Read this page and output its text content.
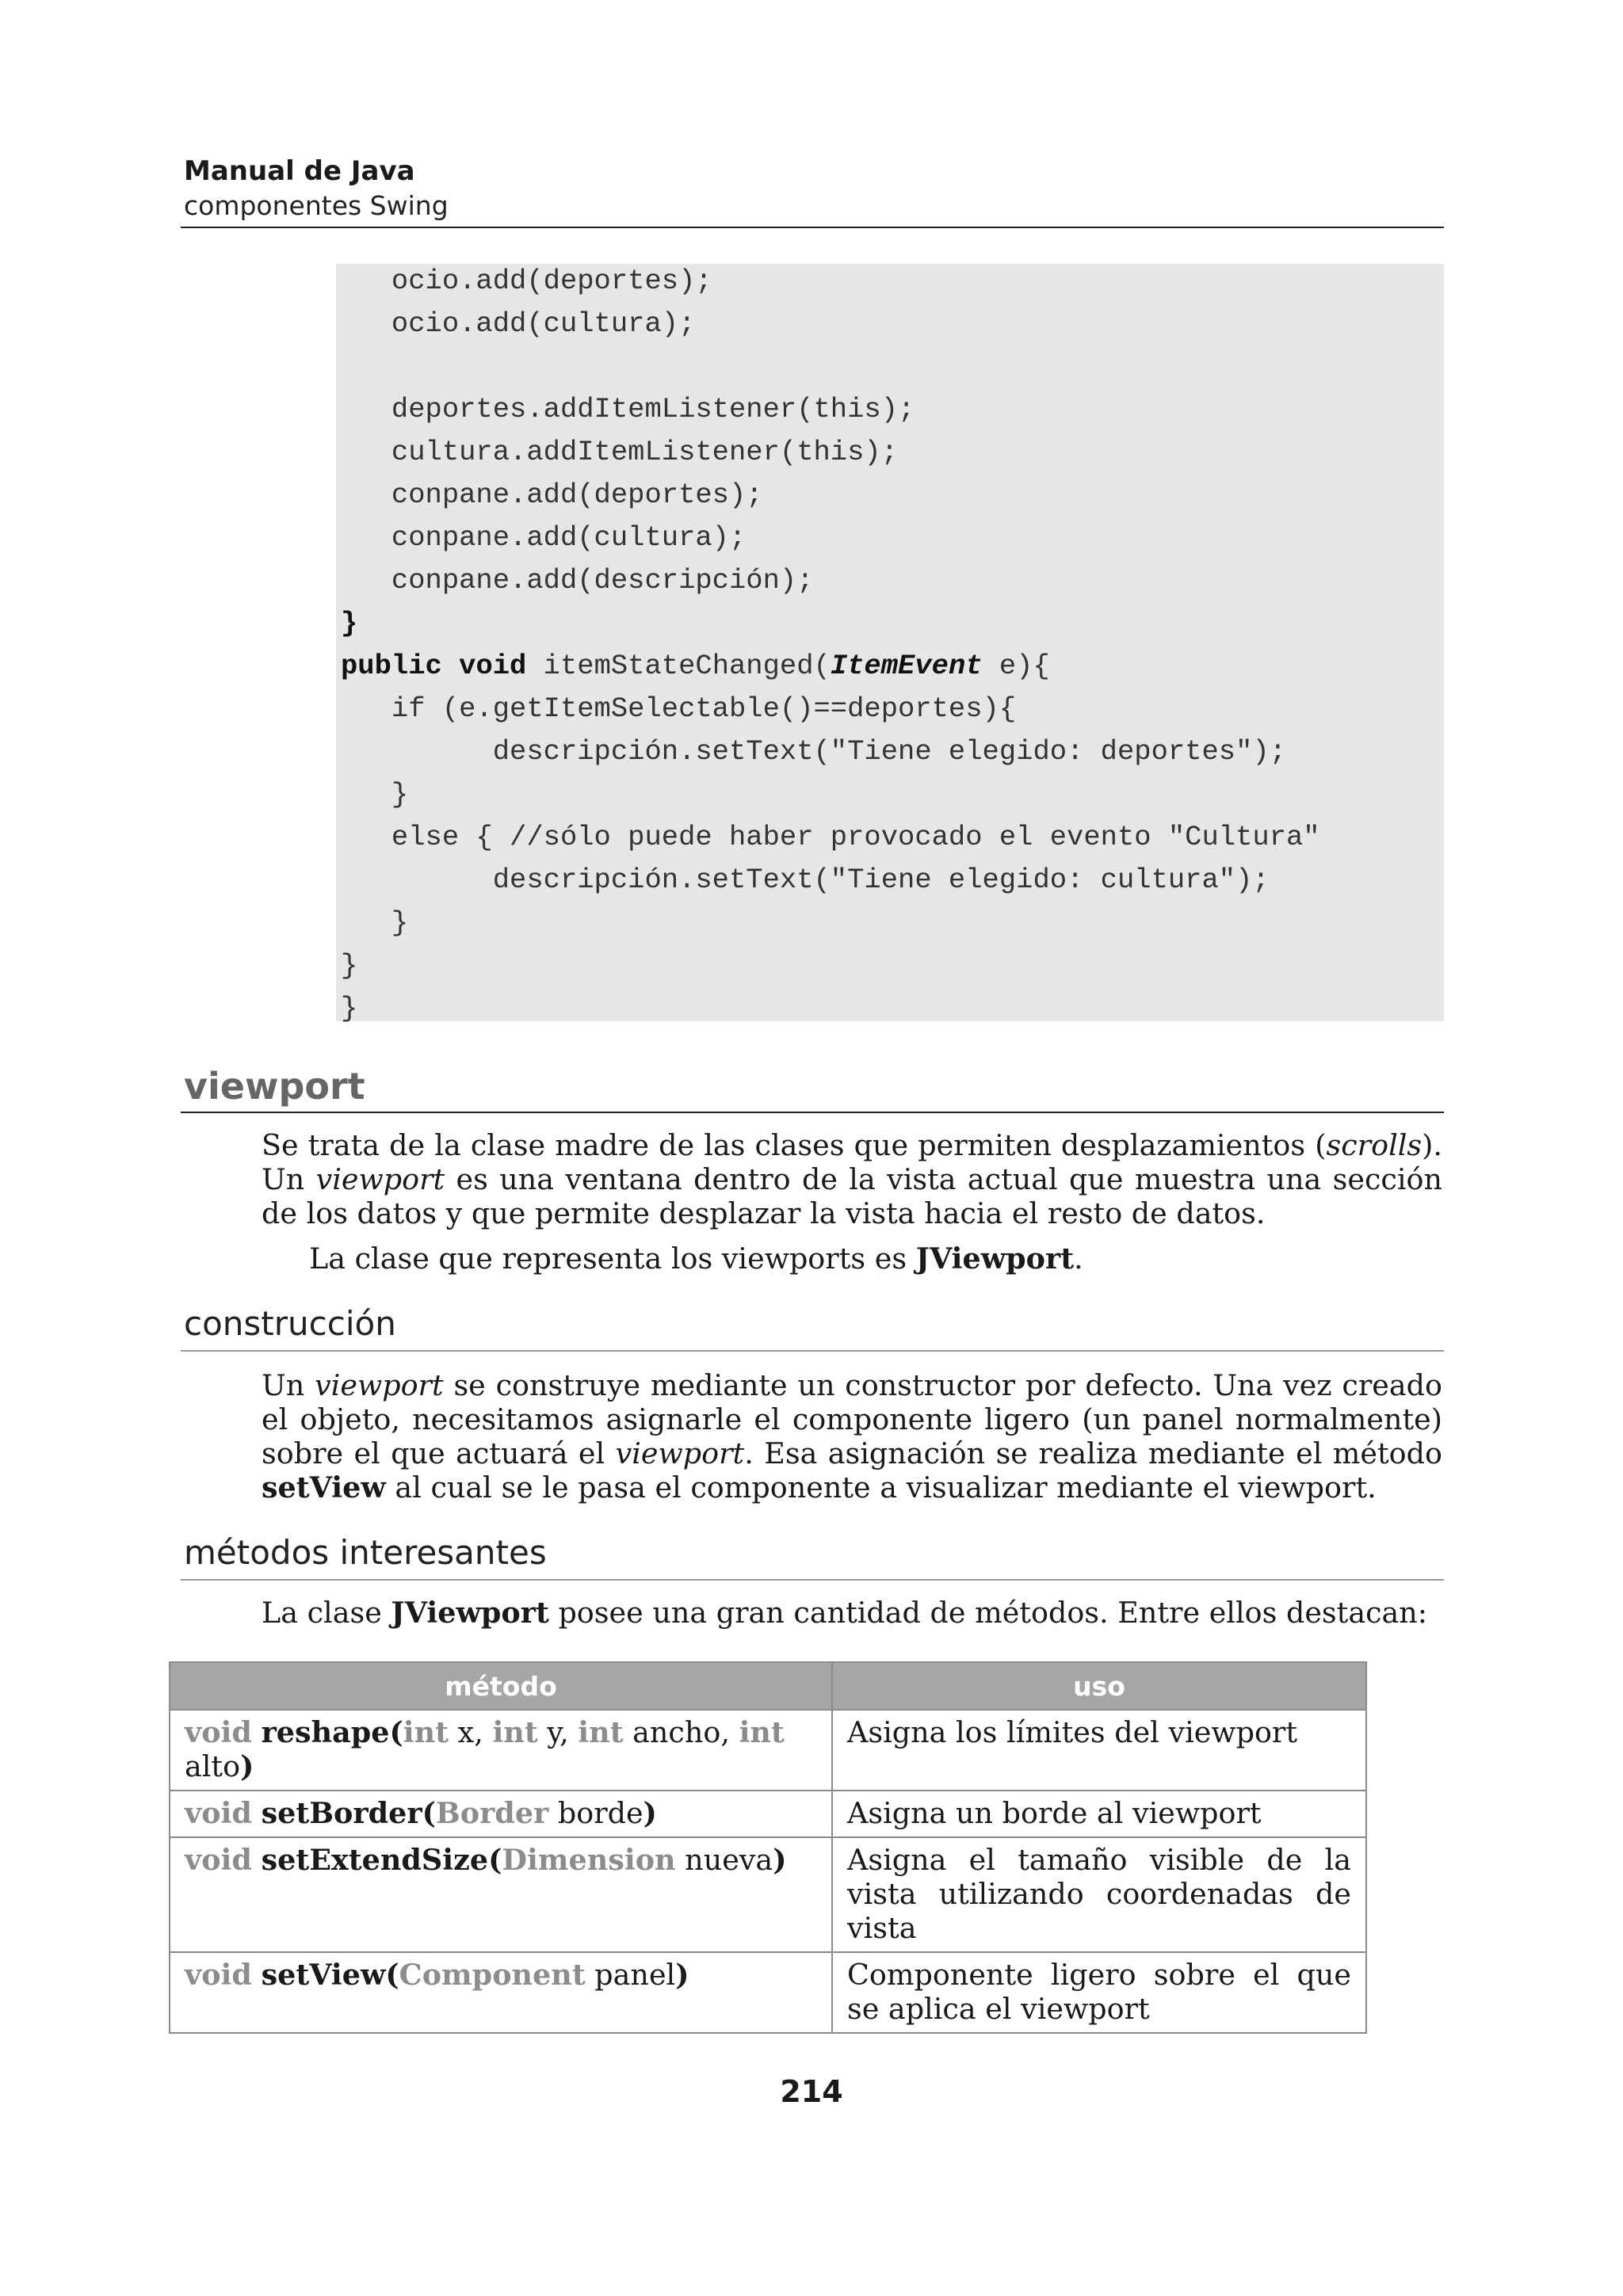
Manual de Java
componentes Swing
ocio.add(deportes);
ocio.add(cultura);
deportes.addItemListener(this);
cultura.addItemListener(this);
conpane.add(deportes);
conpane.add(cultura);
conpane.add(descripción);
}
public void itemStateChanged(ItemEvent e){
if (e.getItemSelectable()==deportes){
descripción.setText("Tiene elegido: deportes");
}
else { //sólo puede haber provocado el evento "Cultura"
descripción.setText("Tiene elegido: cultura");
}
}
}
viewport
Se trata de la clase madre de las clases que permiten desplazamientos (scrolls). Un viewport es una ventana dentro de la vista actual que muestra una sección de los datos y que permite desplazar la vista hacia el resto de datos.
La clase que representa los viewports es JViewport.
construcción
Un viewport se construye mediante un constructor por defecto. Una vez creado el objeto, necesitamos asignarle el componente ligero (un panel normalmente) sobre el que actuará el viewport. Esa asignación se realiza mediante el método setView al cual se le pasa el componente a visualizar mediante el viewport.
métodos interesantes
La clase JViewport posee una gran cantidad de métodos. Entre ellos destacan:
método	uso
void reshape(int x, int y, int ancho, int alto)	Asigna los límites del viewport
void setBorder(Border borde)	Asigna un borde al viewport
void setExtendSize(Dimension nueva)	Asigna el tamaño visible de la vista utilizando coordenadas de vista
void setView(Component panel)	Componente ligero sobre el que se aplica el viewport
214
